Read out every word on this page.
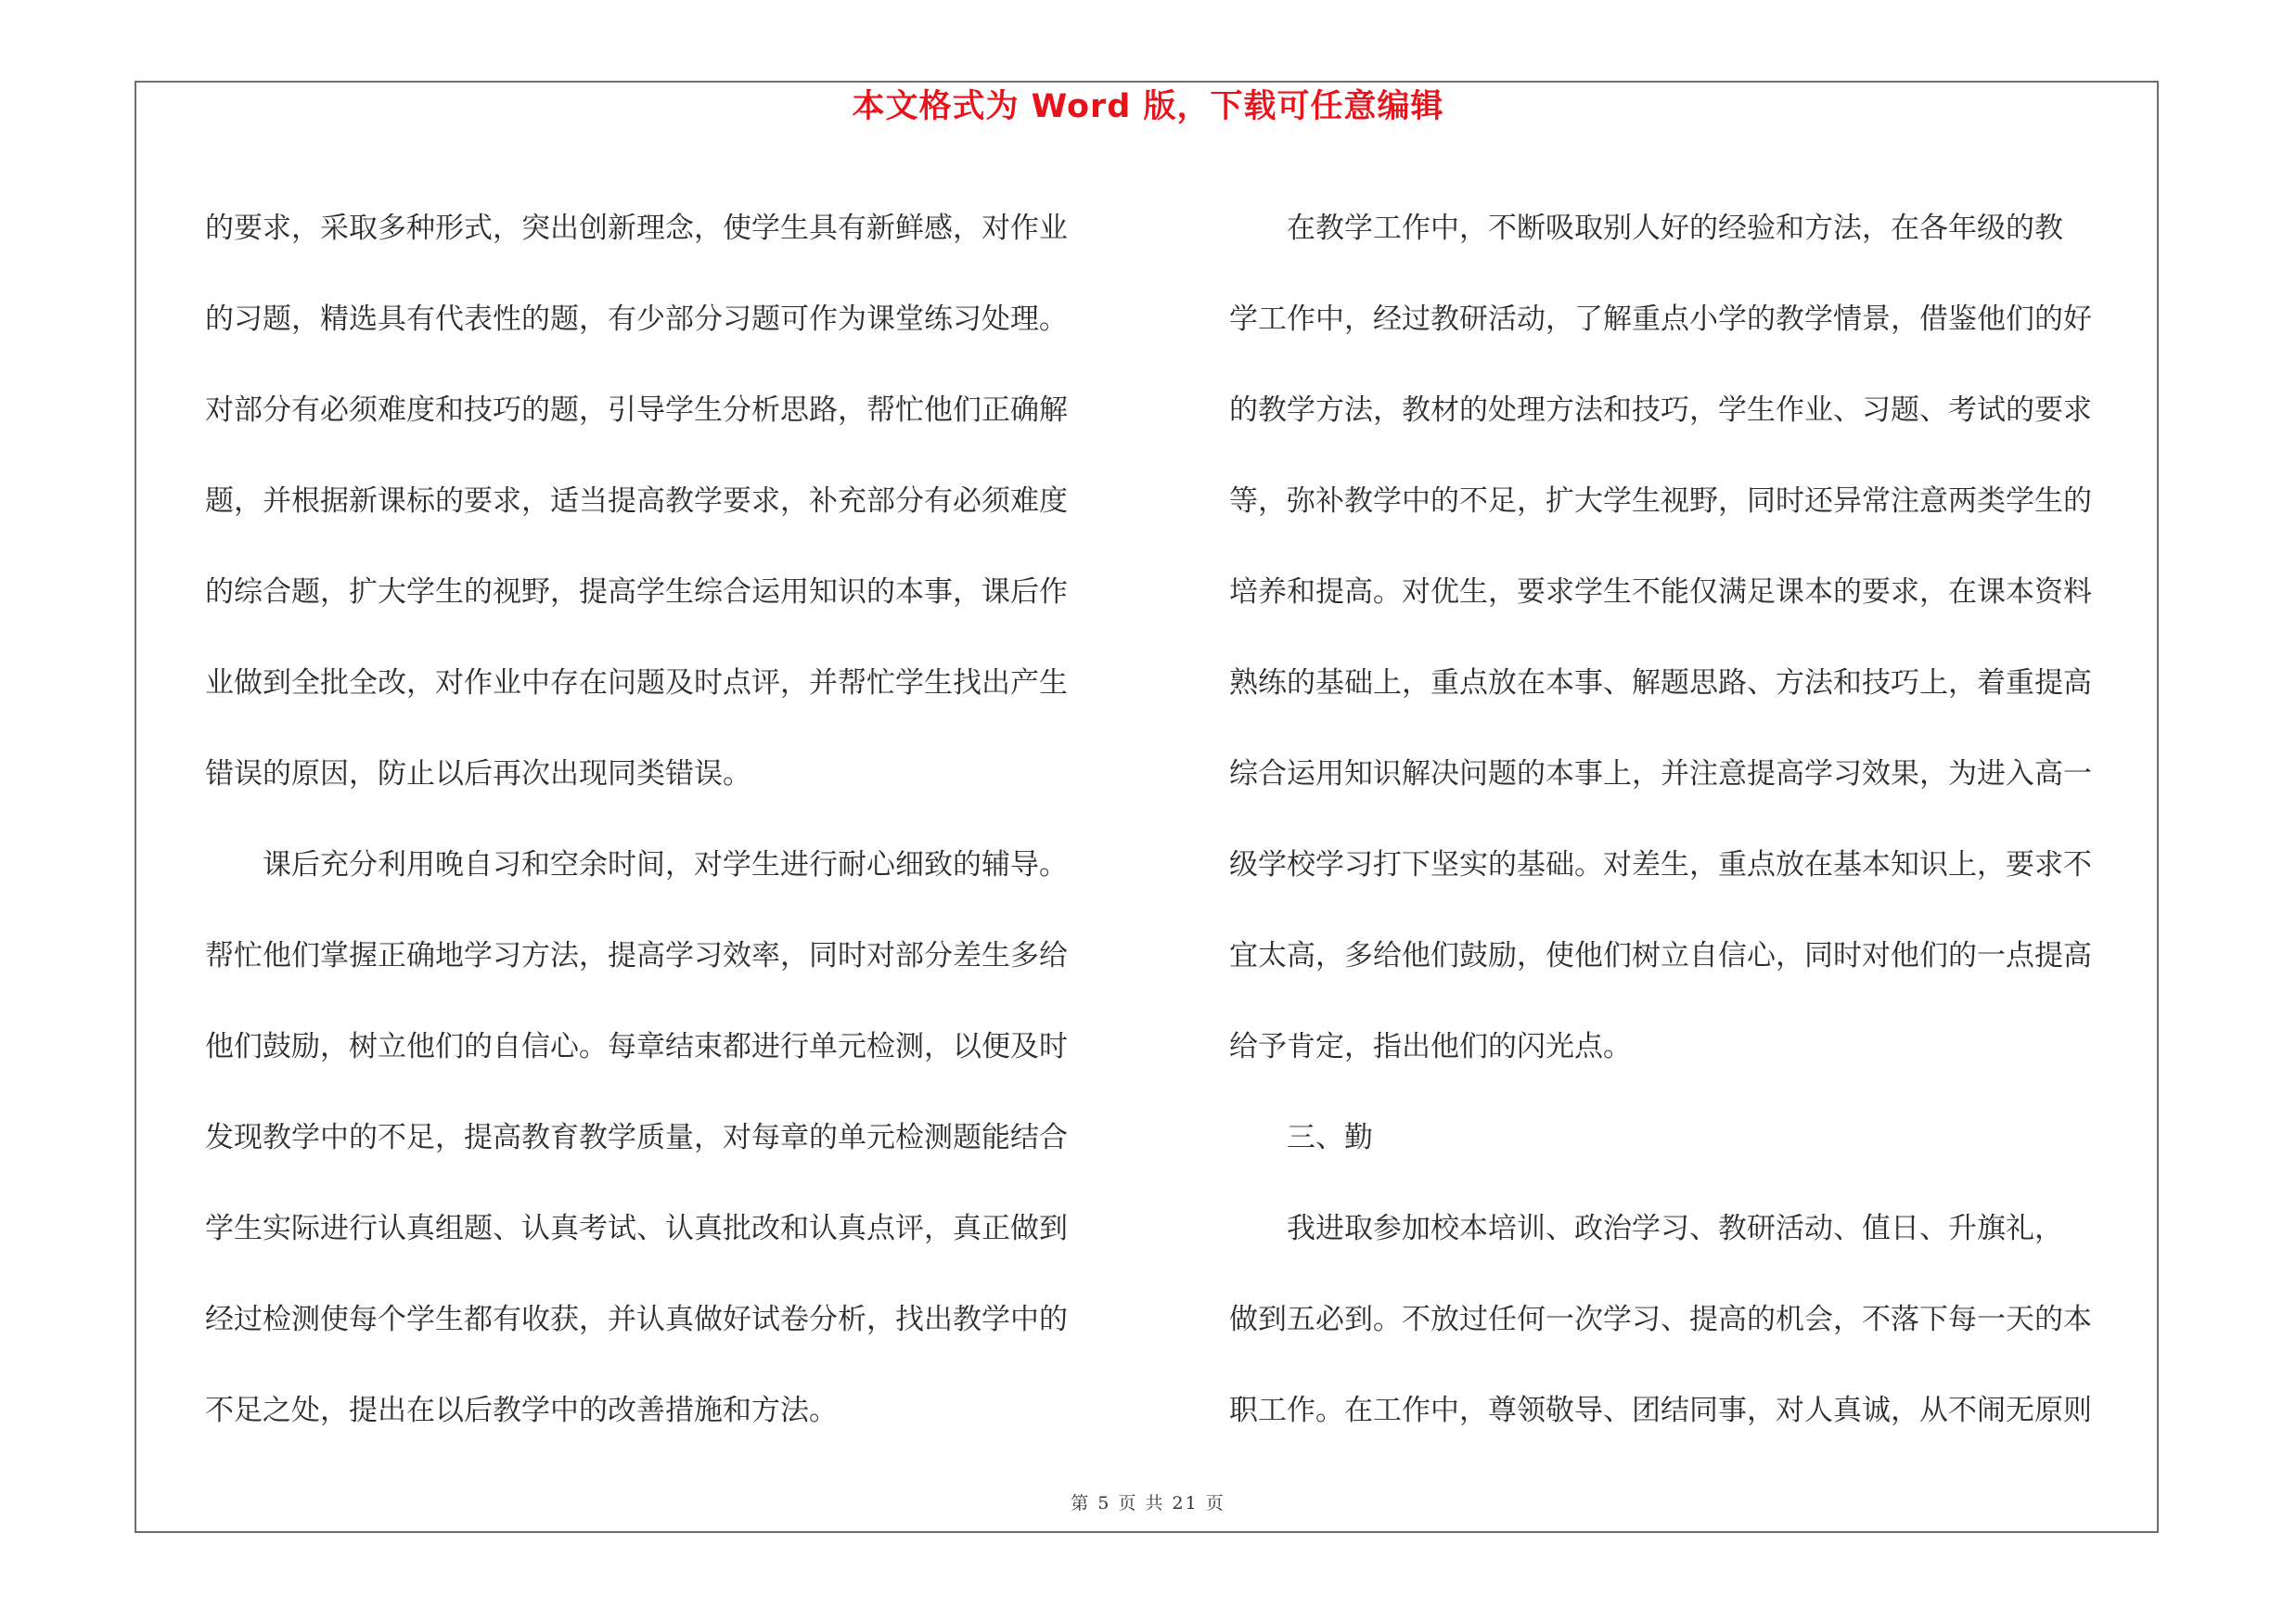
本文格式为 Word 版，下载可任意编辑
的要求，采取多种形式，突出创新理念，使学生具有新鲜感，对作业
的习题，精选具有代表性的题，有少部分习题可作为课堂练习处理。
对部分有必须难度和技巧的题，引导学生分析思路，帮忙他们正确解
题，并根据新课标的要求，适当提高教学要求，补充部分有必须难度
的综合题，扩大学生的视野，提高学生综合运用知识的本事，课后作
业做到全批全改，对作业中存在问题及时点评，并帮忙学生找出产生
错误的原因，防止以后再次出现同类错误。
　　课后充分利用晚自习和空余时间，对学生进行耐心细致的辅导。
帮忙他们掌握正确地学习方法，提高学习效率，同时对部分差生多给
他们鼓励，树立他们的自信心。每章结束都进行单元检测，以便及时
发现教学中的不足，提高教育教学质量，对每章的单元检测题能结合
学生实际进行认真组题、认真考试、认真批改和认真点评，真正做到
经过检测使每个学生都有收获，并认真做好试卷分析，找出教学中的
不足之处，提出在以后教学中的改善措施和方法。
　　在教学工作中，不断吸取别人好的经验和方法，在各年级的教
学工作中，经过教研活动，了解重点小学的教学情景，借鉴他们的好
的教学方法，教材的处理方法和技巧，学生作业、习题、考试的要求
等，弥补教学中的不足，扩大学生视野，同时还异常注意两类学生的
培养和提高。对优生，要求学生不能仅满足课本的要求，在课本资料
熟练的基础上，重点放在本事、解题思路、方法和技巧上，着重提高
综合运用知识解决问题的本事上，并注意提高学习效果，为进入高一
级学校学习打下坚实的基础。对差生，重点放在基本知识上，要求不
宜太高，多给他们鼓励，使他们树立自信心，同时对他们的一点提高
给予肯定，指出他们的闪光点。
　　三、勤
　　我进取参加校本培训、政治学习、教研活动、值日、升旗礼，
做到五必到。不放过任何一次学习、提高的机会，不落下每一天的本
职工作。在工作中，尊领敬导、团结同事，对人真诚，从不闹无原则
第 5 页 共 21 页
